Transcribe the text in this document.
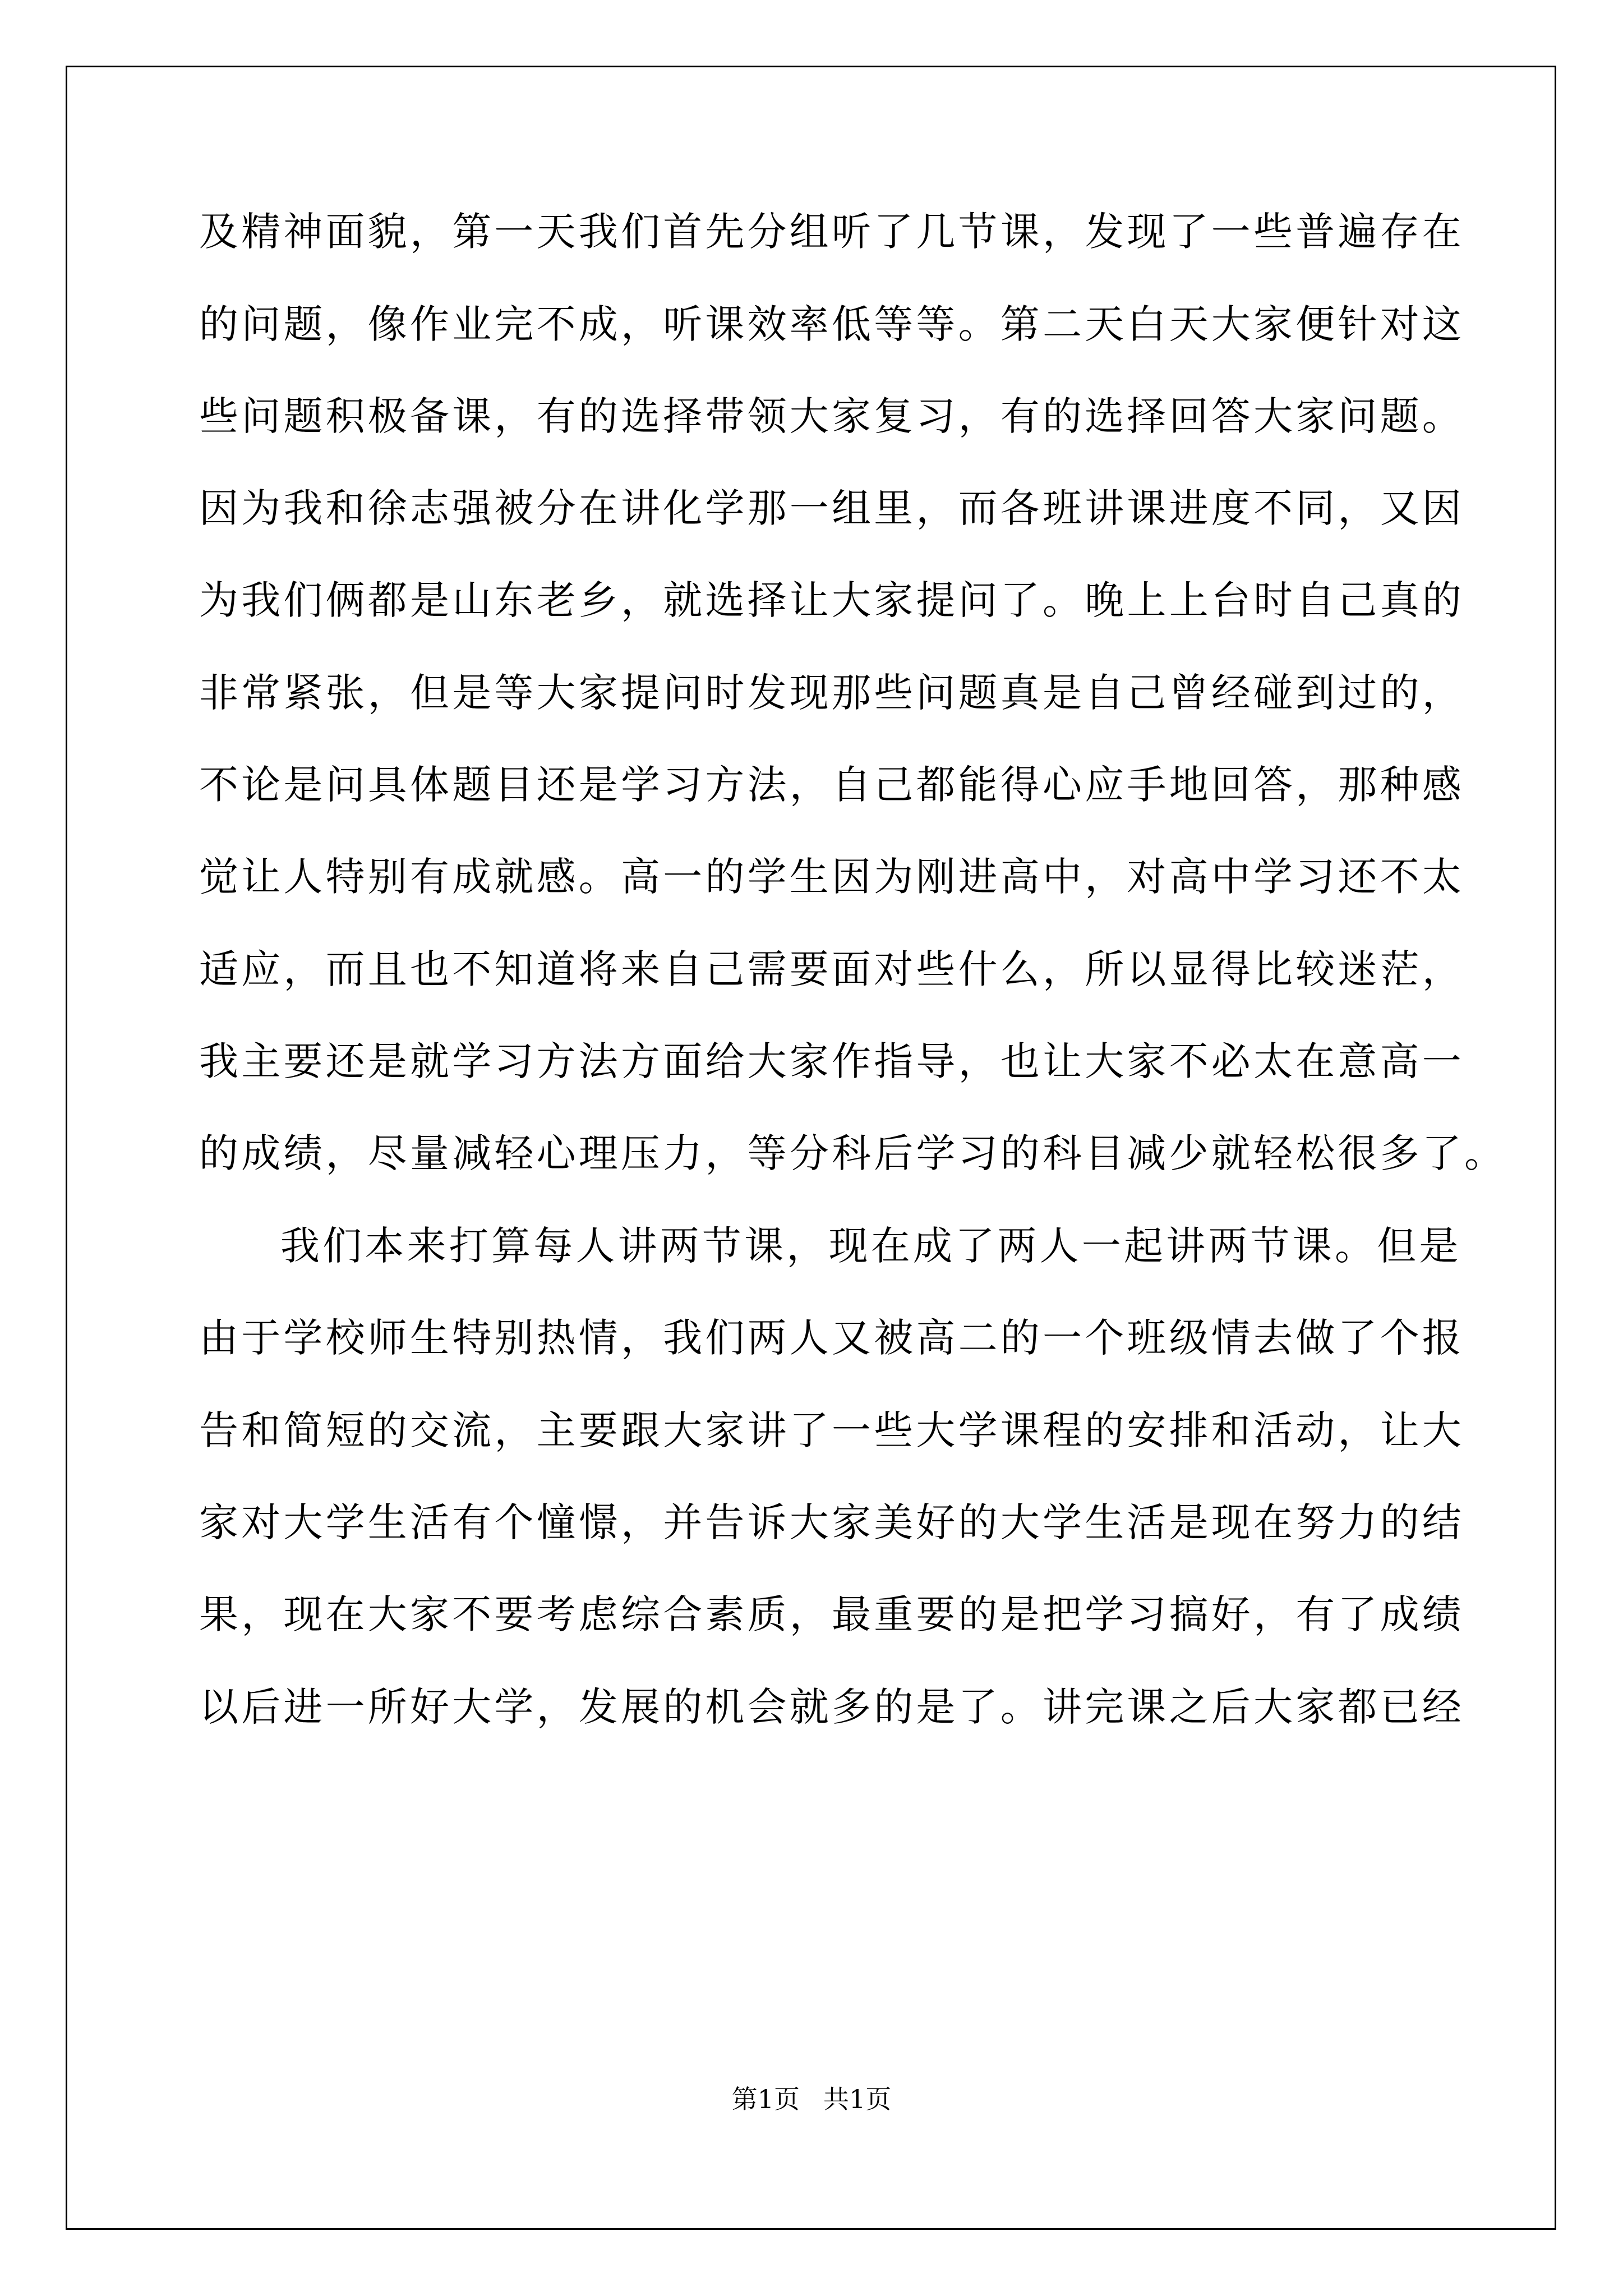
及精神面貌，第一天我们首先分组听了几节课，发现了一些普遍存在
的问题，像作业完不成，听课效率低等等。第二天白天大家便针对这
些问题积极备课，有的选择带领大家复习，有的选择回答大家问题。
因为我和徐志强被分在讲化学那一组里，而各班讲课进度不同，又因
为我们俩都是山东老乡，就选择让大家提问了。晚上上台时自己真的
非常紧张，但是等大家提问时发现那些问题真是自己曾经碰到过的，
不论是问具体题目还是学习方法，自己都能得心应手地回答，那种感
觉让人特别有成就感。高一的学生因为刚进高中，对高中学习还不太
适应，而且也不知道将来自己需要面对些什么，所以显得比较迷茫，
我主要还是就学习方法方面给大家作指导，也让大家不必太在意高一
的成绩，尽量减轻心理压力，等分科后学习的科目减少就轻松很多了。
我们本来打算每人讲两节课，现在成了两人一起讲两节课。但是
由于学校师生特别热情，我们两人又被高二的一个班级情去做了个报
告和简短的交流，主要跟大家讲了一些大学课程的安排和活动，让大
家对大学生活有个憧憬，并告诉大家美好的大学生活是现在努力的结
果，现在大家不要考虑综合素质，最重要的是把学习搞好，有了成绩
以后进一所好大学，发展的机会就多的是了。讲完课之后大家都已经
第1页 共1页
